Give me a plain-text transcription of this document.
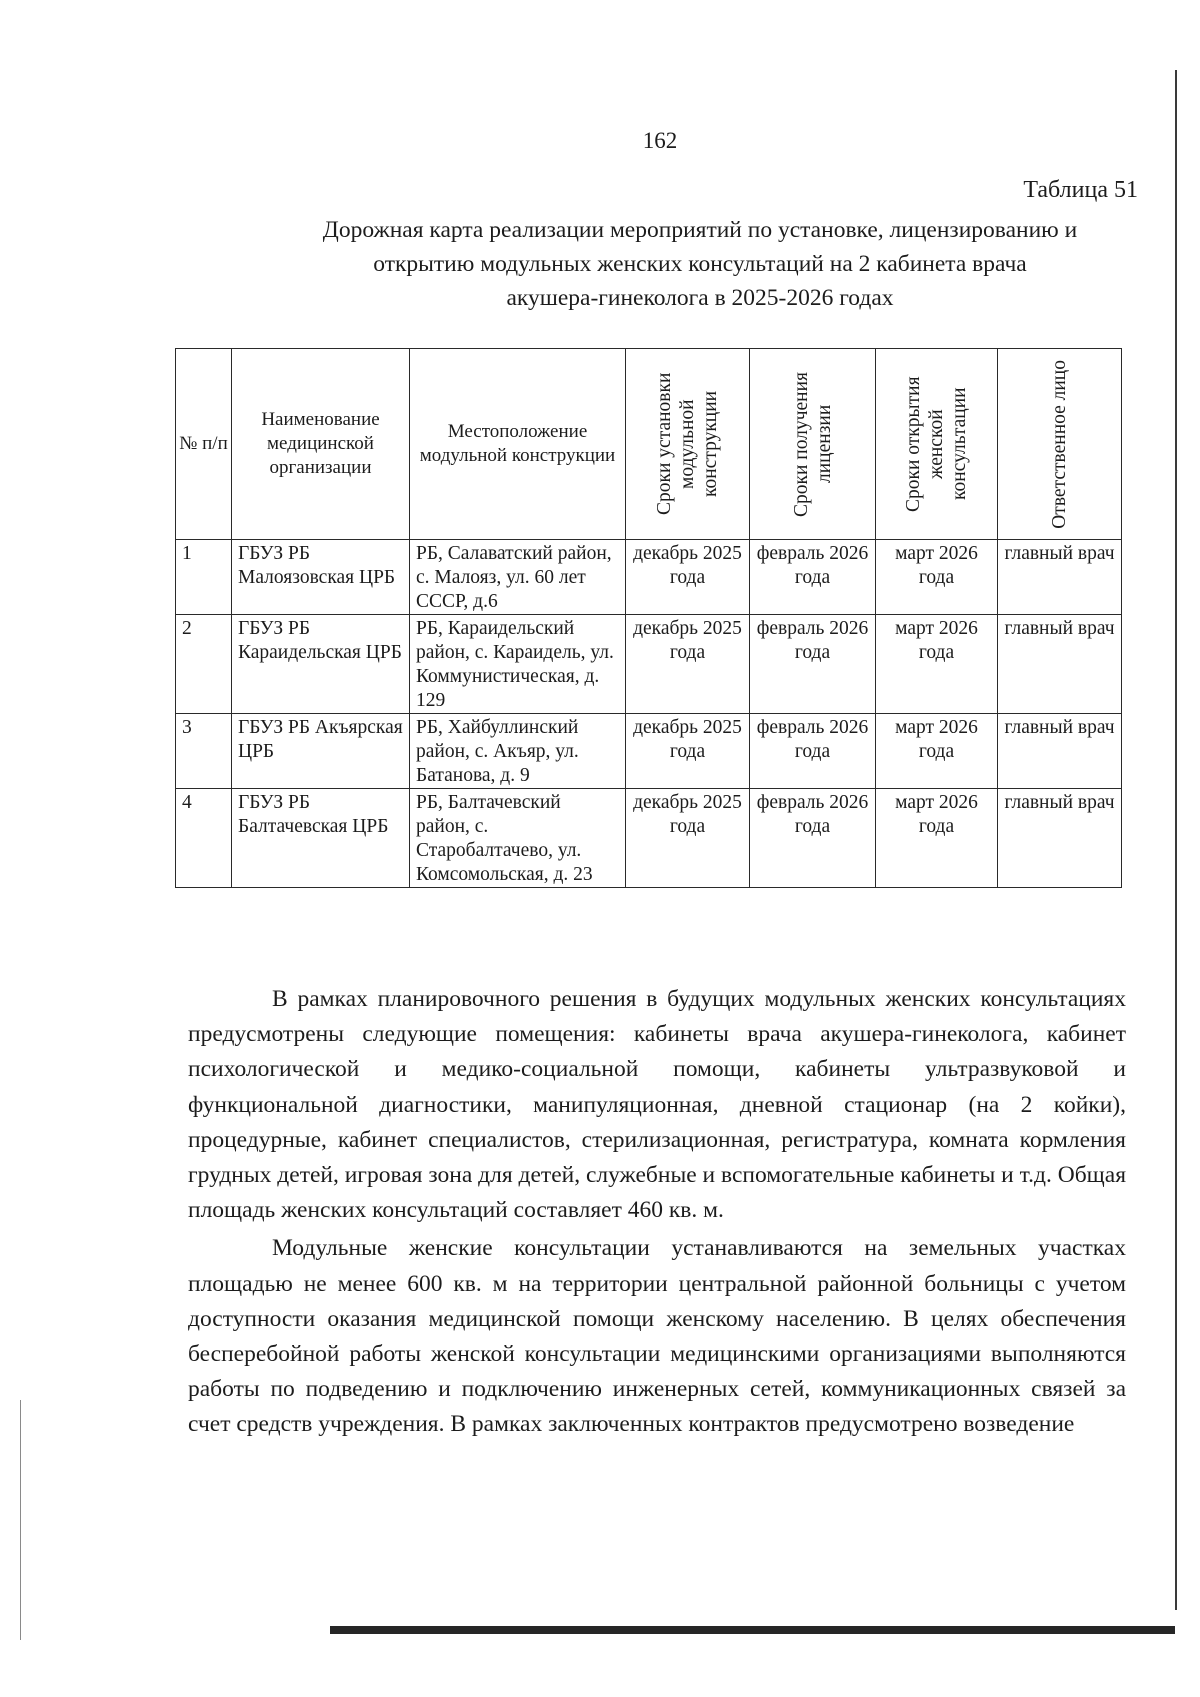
162
Таблица 51
Дорожная карта реализации мероприятий по установке, лицензированию и
открытию модульных женских консультаций на 2 кабинета врача
акушера-гинеколога в 2025-2026 годах
№ п/п	Наименование медицинской организации	Местоположение модульной конструкции	Сроки установки модульной конструкции	Сроки получения лицензии	Сроки открытия женской консультации	Ответственное лицо

1	ГБУЗ РБ Малоязовская ЦРБ	РБ, Салаватский район, с. Малояз, ул. 60 лет СССР, д.6	декабрь 2025 года	февраль 2026 года	март 2026 года	главный врач
2	ГБУЗ РБ Караидельская ЦРБ	РБ, Караидельский район, с. Караидель, ул. Коммунистическая, д. 129	декабрь 2025 года	февраль 2026 года	март 2026 года	главный врач
3	ГБУЗ РБ Акъярская ЦРБ	РБ, Хайбуллинский район, с. Акъяр, ул. Батанова, д. 9	декабрь 2025 года	февраль 2026 года	март 2026 года	главный врач
4	ГБУЗ РБ Балтачевская ЦРБ	РБ, Балтачевский район, с. Старобалтачево, ул. Комсомольская, д. 23	декабрь 2025 года	февраль 2026 года	март 2026 года	главный врач

В рамках планировочного решения в будущих модульных женских консультациях предусмотрены следующие помещения: кабинеты врача акушера-гинеколога, кабинет психологической и медико-социальной помощи, кабинеты ультразвуковой и функциональной диагностики, манипуляционная, дневной стационар (на 2 койки), процедурные, кабинет специалистов, стерилизационная, регистратура, комната кормления грудных детей, игровая зона для детей, служебные и вспомогательные кабинеты и т.д. Общая площадь женских консультаций составляет 460 кв. м.

Модульные женские консультации устанавливаются на земельных участках площадью не менее 600 кв. м на территории центральной районной больницы с учетом доступности оказания медицинской помощи женскому населению. В целях обеспечения бесперебойной работы женской консультации медицинскими организациями выполняются работы по подведению и подключению инженерных сетей, коммуникационных связей за счет средств учреждения. В рамках заключенных контрактов предусмотрено возведение
